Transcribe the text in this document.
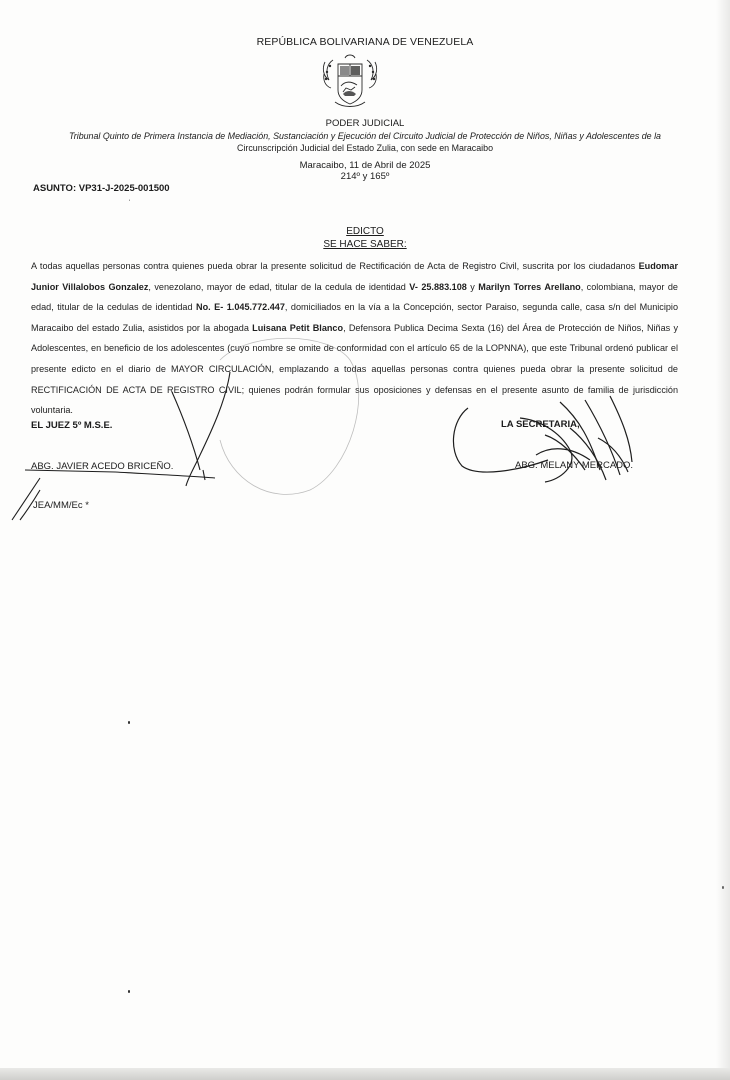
REPÚBLICA BOLIVARIANA DE VENEZUELA
PODER JUDICIAL
Tribunal Quinto de Primera Instancia de Mediación, Sustanciación y Ejecución del Circuito Judicial de Protección de Niños, Niñas y Adolescentes de la
Circunscripción Judicial del Estado Zulia, con sede en Maracaibo
Maracaibo, 11 de Abril de 2025
214º y 165º
ASUNTO: VP31-J-2025-001500
ˈ
EDICTO
SE HACE SABER:
A todas aquellas personas contra quienes pueda obrar la presente solicitud de Rectificación de Acta de Registro Civil, suscrita por los ciudadanos Eudomar Junior Villalobos Gonzalez, venezolano, mayor de edad, titular de la cedula de identidad V- 25.883.108 y Marilyn Torres Arellano, colombiana, mayor de edad, titular de la cedulas de identidad No. E- 1.045.772.447, domiciliados en la vía a la Concepción, sector Paraiso, segunda calle, casa s/n del Municipio Maracaibo del estado Zulia, asistidos por la abogada Luisana Petit Blanco, Defensora Publica Decima Sexta (16) del Área de Protección de Niños, Niñas y Adolescentes, en beneficio de los adolescentes (cuyo nombre se omite de conformidad con el artículo 65 de la LOPNNA), que este Tribunal ordenó publicar el presente edicto en el diario de MAYOR CIRCULACIÓN, emplazando a todas aquellas personas contra quienes pueda obrar la presente solicitud de RECTIFICACIÓN DE ACTA DE REGISTRO CIVIL; quienes podrán formular sus oposiciones y defensas en el presente asunto de familia de jurisdicción voluntaria.
EL JUEZ 5º M.S.E.
ABG. JAVIER ACEDO BRICEÑO.
JEA/MM/Ec *
LA SECRETARIA,
ABG. MELANY MERCADO.
